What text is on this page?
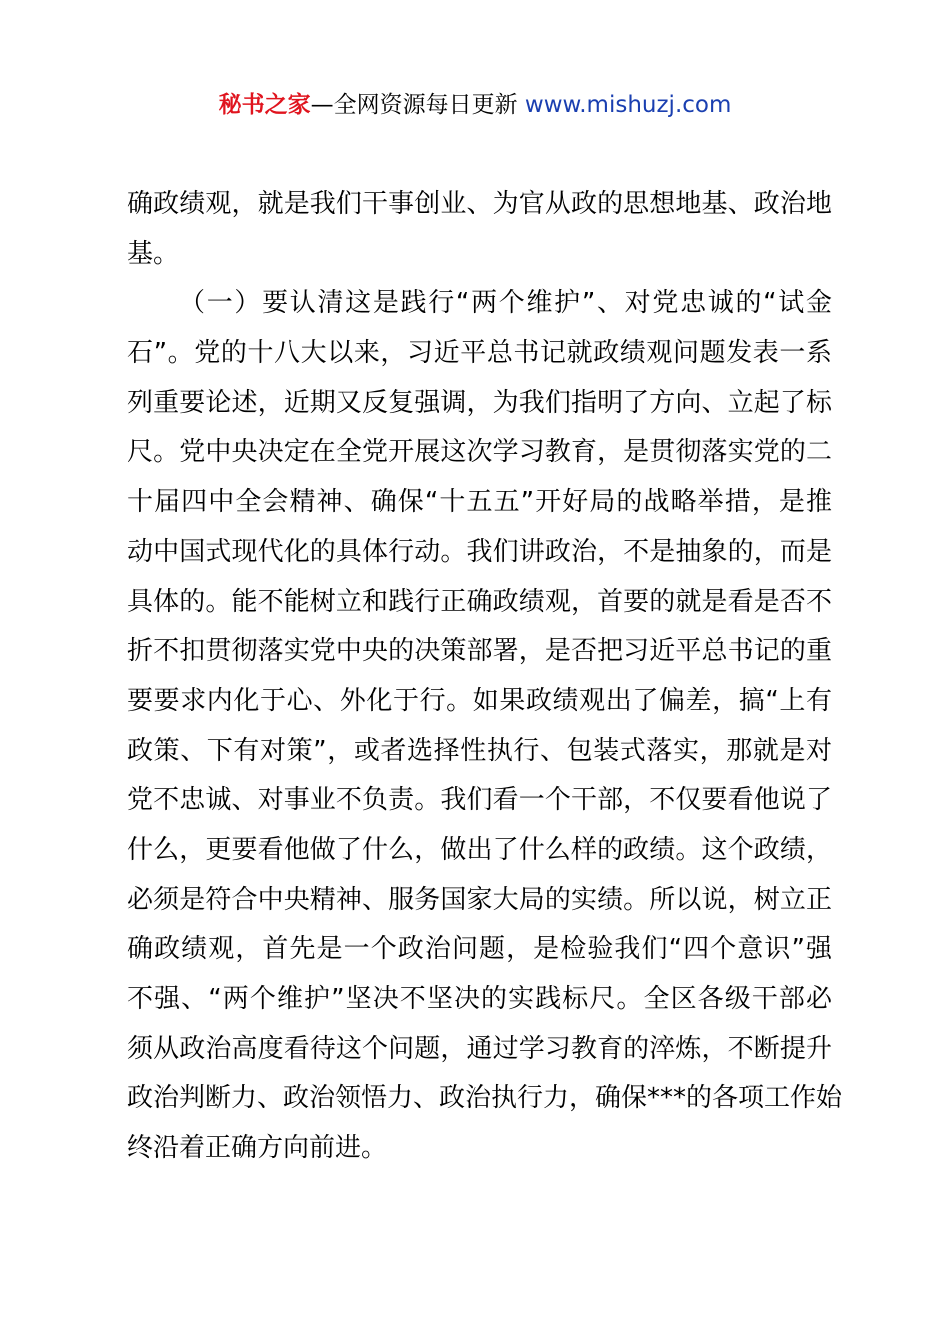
秘书之家—全网资源每日更新 www.mishuzj.com
确政绩观，就是我们干事创业、为官从政的思想地基、政治地
基。
（一）要认清这是践行“两个维护”、对党忠诚的“试金
石”。党的十八大以来，习近平总书记就政绩观问题发表一系
列重要论述，近期又反复强调，为我们指明了方向、立起了标
尺。党中央决定在全党开展这次学习教育，是贯彻落实党的二
十届四中全会精神、确保“十五五”开好局的战略举措，是推
动中国式现代化的具体行动。我们讲政治，不是抽象的，而是
具体的。能不能树立和践行正确政绩观，首要的就是看是否不
折不扣贯彻落实党中央的决策部署，是否把习近平总书记的重
要要求内化于心、外化于行。如果政绩观出了偏差，搞“上有
政策、下有对策”，或者选择性执行、包装式落实，那就是对
党不忠诚、对事业不负责。我们看一个干部，不仅要看他说了
什么，更要看他做了什么，做出了什么样的政绩。这个政绩，
必须是符合中央精神、服务国家大局的实绩。所以说，树立正
确政绩观，首先是一个政治问题，是检验我们“四个意识”强
不强、“两个维护”坚决不坚决的实践标尺。全区各级干部必
须从政治高度看待这个问题，通过学习教育的淬炼，不断提升
政治判断力、政治领悟力、政治执行力，确保***的各项工作始
终沿着正确方向前进。
